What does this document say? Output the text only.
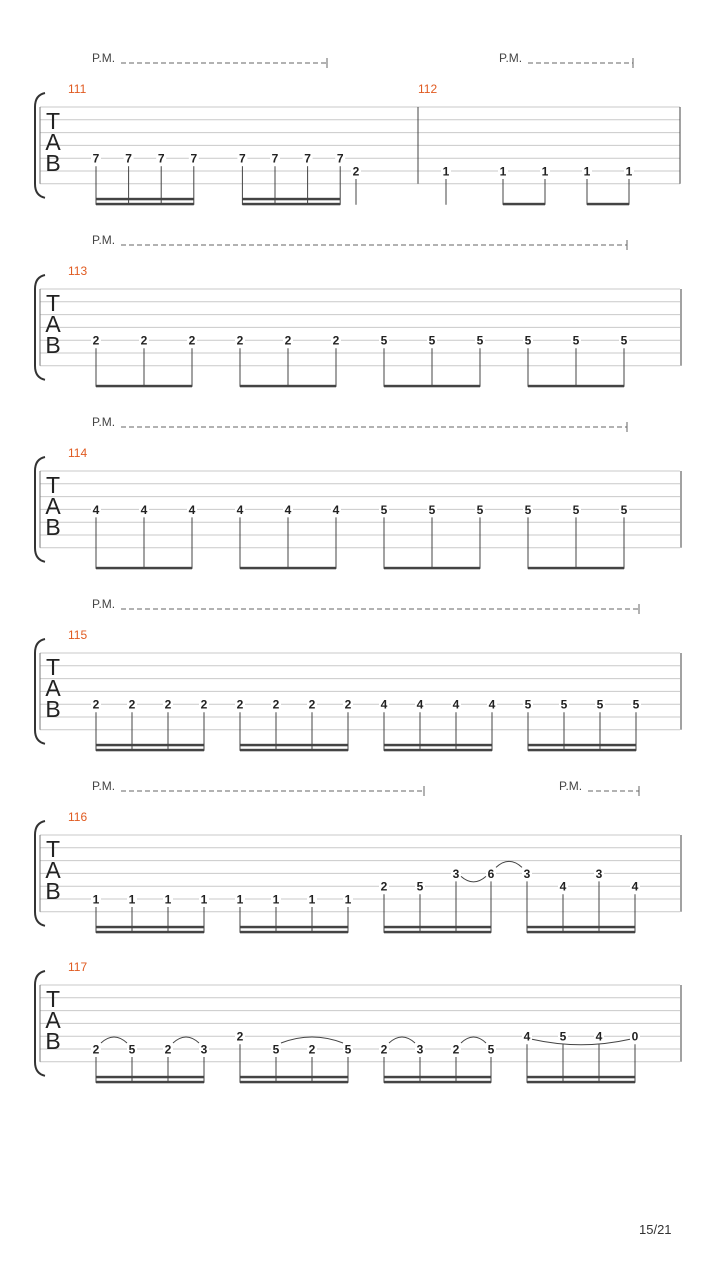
T
A
B
P.M.	P.M.
111
7 7 7 7	7 7 7 7
2
112
1	1	1	1	1
T
A
B
P.M.
113
2	2	2	2	2	2	5	5	5	5	5	5
T
A
B
P.M.
114
4	4	4	4	4	4	5	5	5	5	5	5
T
A
B
P.M.
115
2 2 2 2 2 2 2 2 4 4 4 4 5 5 5 5
T
A
B
P.M.	P.M.
116
1 1 1 1 1 1 1 1
2 5
3 6 3
4
3
4
T
A
B
117
2 5 2 3
2
5 2 5 2 3 2 5
4 5 4 0
15/21
